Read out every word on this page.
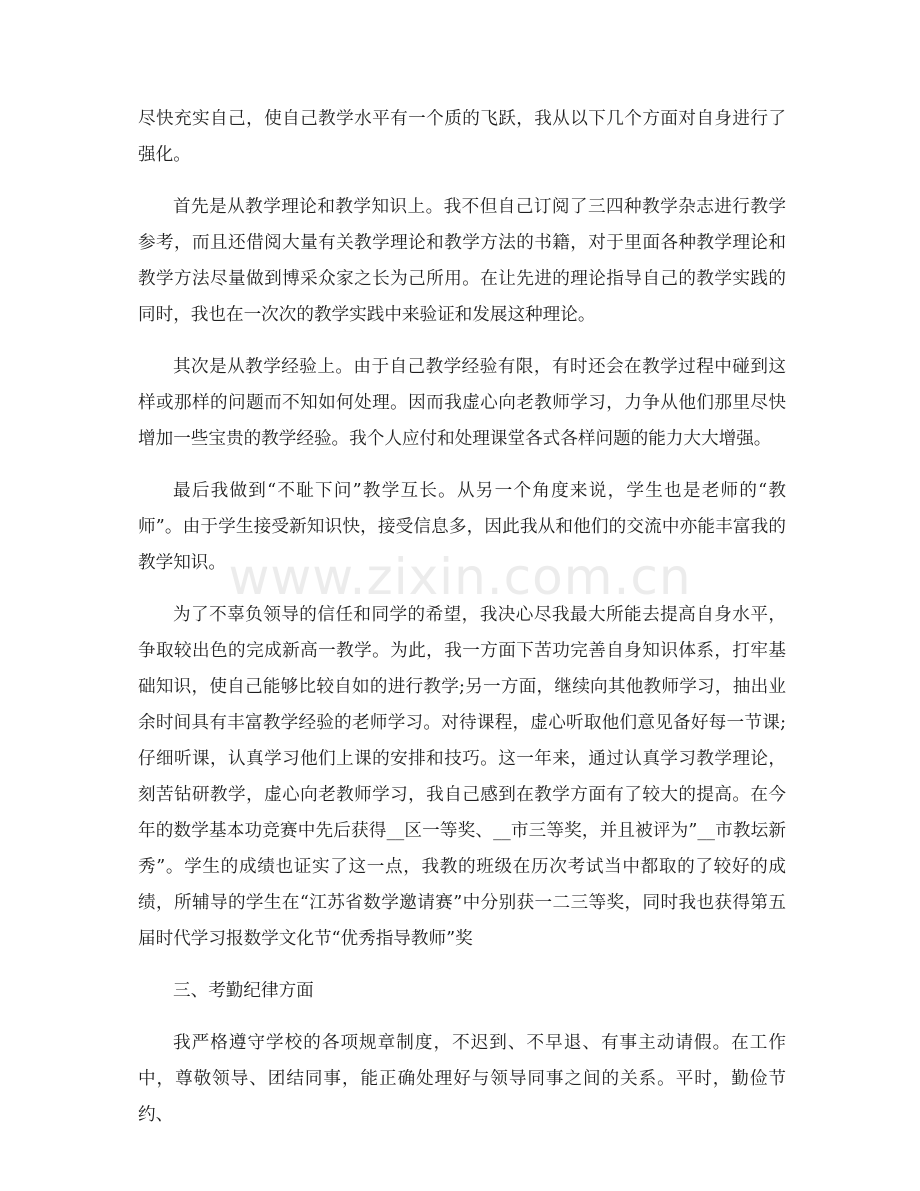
www.zixin.com.cn

尽快充实自己，使自己教学水平有一个质的飞跃，我从以下几个方面对自身进行了强化。

首先是从教学理论和教学知识上。我不但自己订阅了三四种教学杂志进行教学参考，而且还借阅大量有关教学理论和教学方法的书籍，对于里面各种教学理论和教学方法尽量做到博采众家之长为己所用。在让先进的理论指导自己的教学实践的同时，我也在一次次的教学实践中来验证和发展这种理论。

其次是从教学经验上。由于自己教学经验有限，有时还会在教学过程中碰到这样或那样的问题而不知如何处理。因而我虚心向老教师学习，力争从他们那里尽快增加一些宝贵的教学经验。我个人应付和处理课堂各式各样问题的能力大大增强。

最后我做到“不耻下问”教学互长。从另一个角度来说，学生也是老师的“教师”。由于学生接受新知识快，接受信息多，因此我从和他们的交流中亦能丰富我的教学知识。

为了不辜负领导的信任和同学的希望，我决心尽我最大所能去提高自身水平，争取较出色的完成新高一教学。为此，我一方面下苦功完善自身知识体系，打牢基础知识，使自己能够比较自如的进行教学;另一方面，继续向其他教师学习，抽出业余时间具有丰富教学经验的老师学习。对待课程，虚心听取他们意见备好每一节课;仔细听课，认真学习他们上课的安排和技巧。这一年来，通过认真学习教学理论，刻苦钻研教学，虚心向老教师学习，我自己感到在教学方面有了较大的提高。在今年的数学基本功竞赛中先后获得__区一等奖、__市三等奖，并且被评为”__市教坛新秀”。学生的成绩也证实了这一点，我教的班级在历次考试当中都取的了较好的成绩，所辅导的学生在“江苏省数学邀请赛”中分别获一二三等奖，同时我也获得第五届时代学习报数学文化节“优秀指导教师”奖

三、考勤纪律方面

我严格遵守学校的各项规章制度，不迟到、不早退、有事主动请假。在工作中，尊敬领导、团结同事，能正确处理好与领导同事之间的关系。平时，勤俭节约、
